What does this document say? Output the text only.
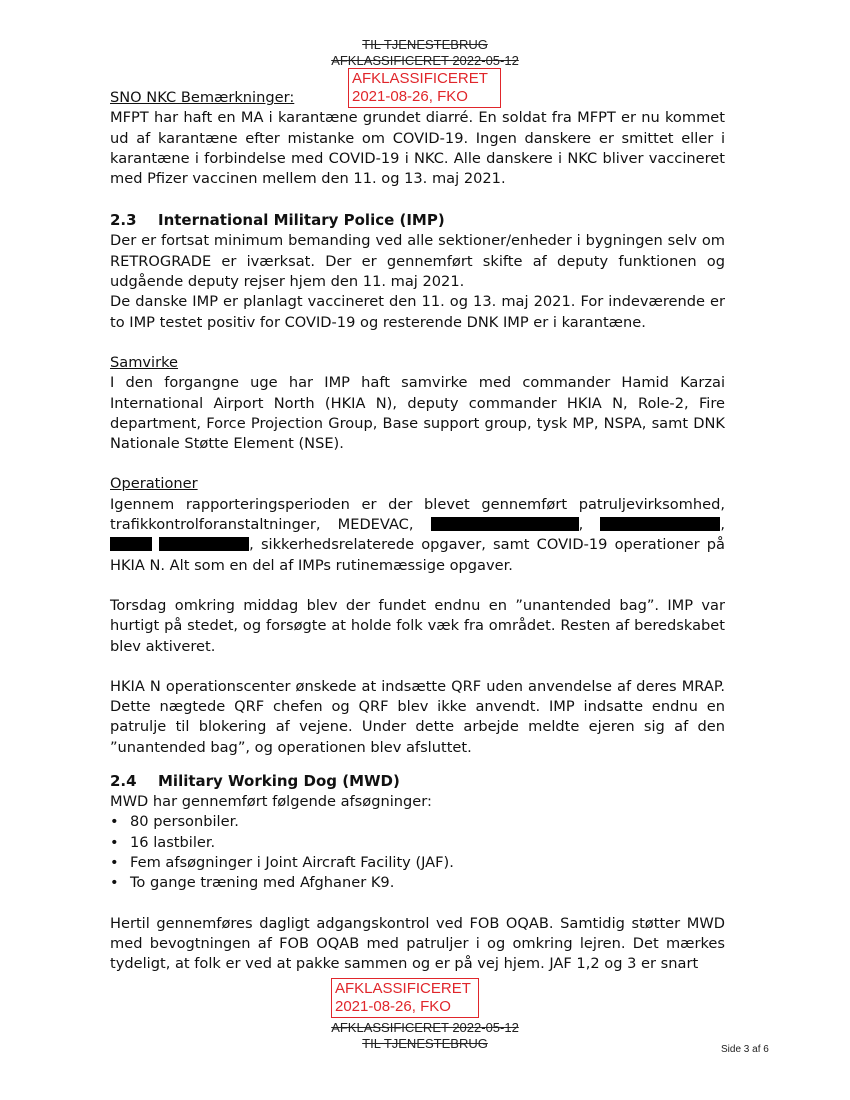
TIL TJENESTEBRUG
AFKLASSIFICERET 2022-05-12
AFKLASSIFICERET
2021-08-26, FKO

SNO NKC Bemærkninger:

MFPT har haft en MA i karantæne grundet diarré. En soldat fra MFPT er nu kommet ud af karantæne efter mistanke om COVID-19. Ingen danskere er smittet eller i karantæne i forbindelse med COVID-19 i NKC. Alle danskere i NKC bliver vaccineret med Pfizer vaccinen mellem den 11. og 13. maj 2021.

2.3 International Military Police (IMP)

Der er fortsat minimum bemanding ved alle sektioner/enheder i bygningen selv om RETROGRADE er iværksat. Der er gennemført skifte af deputy funktionen og udgående deputy rejser hjem den 11. maj 2021.

De danske IMP er planlagt vaccineret den 11. og 13. maj 2021. For indeværende er to IMP testet positiv for COVID-19 og resterende DNK IMP er i karantæne.

Samvirke

I den forgangne uge har IMP haft samvirke med commander Hamid Karzai International Airport North (HKIA N), deputy commander HKIA N, Role-2, Fire department, Force Projection Group, Base support group, tysk MP, NSPA, samt DNK Nationale Støtte Element (NSE).

Operationer

Igennem rapporteringsperioden er der blevet gennemført patruljevirksomhed, trafikkontrolforanstaltninger, MEDEVAC,	,	,  , sikkerhedsrelaterede opgaver, samt COVID-19 operationer på HKIA N. Alt som en del af IMPs rutinemæssige opgaver.

Torsdag omkring middag blev der fundet endnu en ”unantended bag”. IMP var hurtigt på stedet, og forsøgte at holde folk væk fra området. Resten af beredskabet blev aktiveret.

HKIA N operationscenter ønskede at indsætte QRF uden anvendelse af deres MRAP. Dette nægtede QRF chefen og QRF blev ikke anvendt. IMP indsatte endnu en patrulje til blokering af vejene. Under dette arbejde meldte ejeren sig af den ”unantended bag”, og operationen blev afsluttet.

2.4 Military Working Dog (MWD)

MWD har gennemført følgende afsøgninger:

• 80 personbiler.
• 16 lastbiler.
• Fem afsøgninger i Joint Aircraft Facility (JAF).
• To gange træning med Afghaner K9.

Hertil gennemføres dagligt adgangskontrol ved FOB OQAB. Samtidig støtter MWD med bevogtningen af FOB OQAB med patruljer i og omkring lejren. Det mærkes tydeligt, at folk er ved at pakke sammen og er på vej hjem. JAF 1,2 og 3 er snart

AFKLASSIFICERET
2021-08-26, FKO
AFKLASSIFICERET 2022-05-12
TIL TJENESTEBRUG	Side 3 af 6
